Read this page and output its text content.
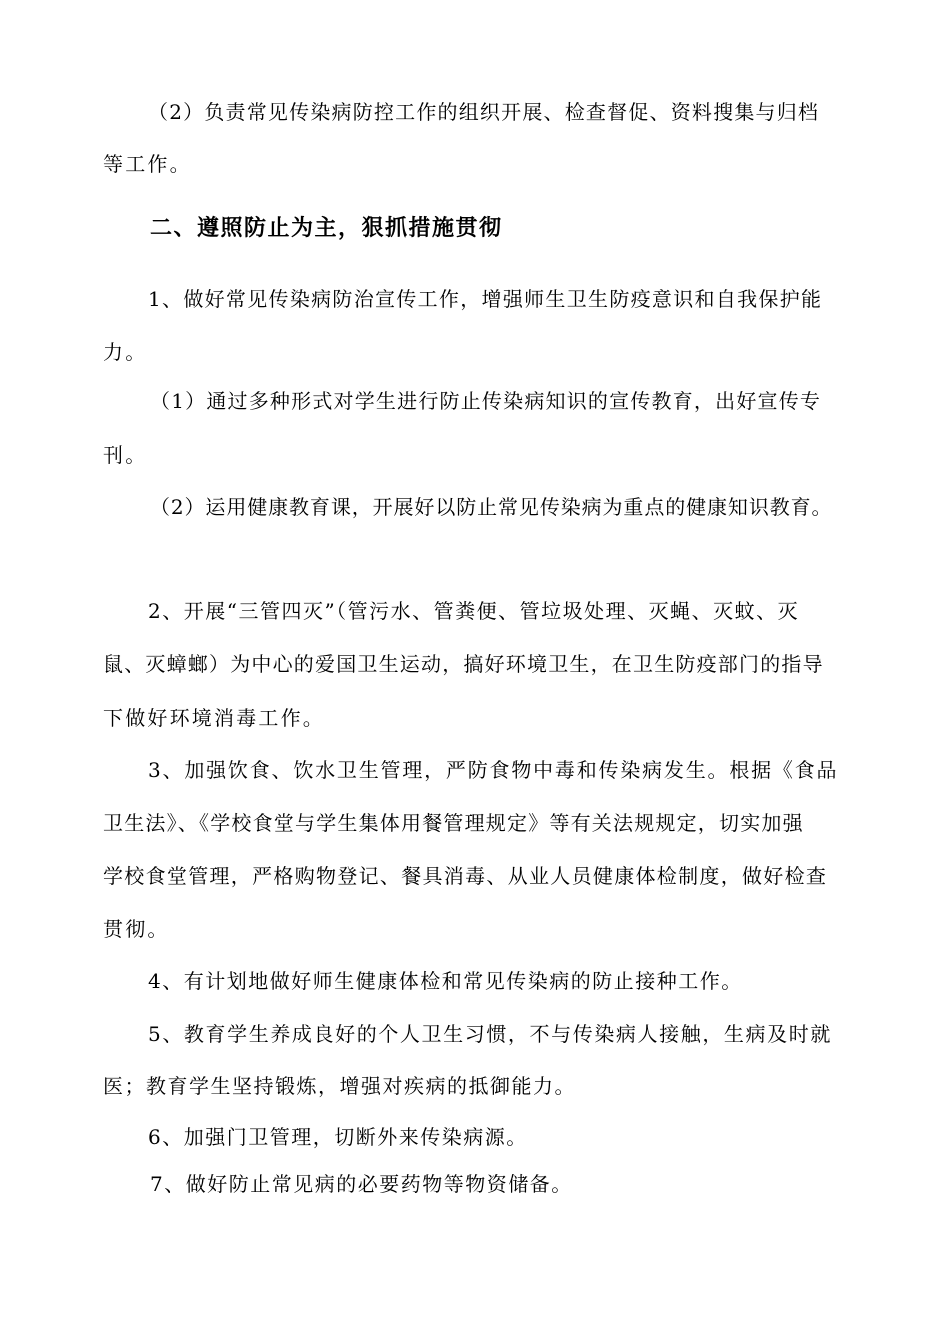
（2）负责常见传染病防控工作的组织开展、检查督促、资料搜集与归档
等工作。
二、遵照防止为主，狠抓措施贯彻
1、做好常见传染病防治宣传工作，增强师生卫生防疫意识和自我保护能
力。
（1）通过多种形式对学生进行防止传染病知识的宣传教育，出好宣传专
刊。
（2）运用健康教育课，开展好以防止常见传染病为重点的健康知识教育。
2、开展“三管四灭”（管污水、管粪便、管垃圾处理、灭蝇、灭蚊、灭
鼠、灭蟑螂）为中心的爱国卫生运动，搞好环境卫生，在卫生防疫部门的指导
下做好环境消毒工作。
3、加强饮食、饮水卫生管理，严防食物中毒和传染病发生。根据《食品
卫生法》、《学校食堂与学生集体用餐管理规定》等有关法规规定，切实加强
学校食堂管理，严格购物登记、餐具消毒、从业人员健康体检制度，做好检查
贯彻。
4、有计划地做好师生健康体检和常见传染病的防止接种工作。
5、教育学生养成良好的个人卫生习惯，不与传染病人接触，生病及时就
医；教育学生坚持锻炼，增强对疾病的抵御能力。
6、加强门卫管理，切断外来传染病源。
7、做好防止常见病的必要药物等物资储备。
